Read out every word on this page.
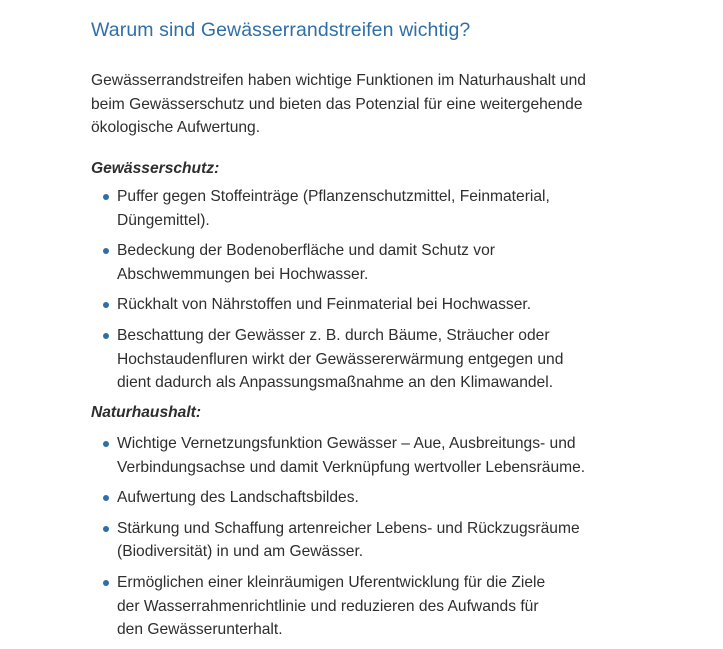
Warum sind Gewässerrandstreifen wichtig?

Gewässerrandstreifen haben wichtige Funktionen im Naturhaushalt und
beim Gewässerschutz und bieten das Potenzial für eine weitergehende
ökologische Aufwertung.

Gewässerschutz:
Puffer gegen Stoffeinträge (Pflanzenschutzmittel, Feinmaterial,
Düngemittel).
Bedeckung der Bodenoberfläche und damit Schutz vor
Abschwemmungen bei Hochwasser.
Rückhalt von Nährstoffen und Feinmaterial bei Hochwasser.
Beschattung der Gewässer z. B. durch Bäume, Sträucher oder
Hochstaudenfluren wirkt der Gewässererwärmung entgegen und
dient dadurch als Anpassungsmaßnahme an den Klimawandel.
Naturhaushalt:
Wichtige Vernetzungsfunktion Gewässer – Aue, Ausbreitungs- und
Verbindungsachse und damit Verknüpfung wertvoller Lebensräume.
Aufwertung des Landschaftsbildes.
Stärkung und Schaffung artenreicher Lebens- und Rückzugsräume
(Biodiversität) in und am Gewässer.
Ermöglichen einer kleinräumigen Uferentwicklung für die Ziele
der Wasserrahmenrichtlinie und reduzieren des Aufwands für
den Gewässerunterhalt.
